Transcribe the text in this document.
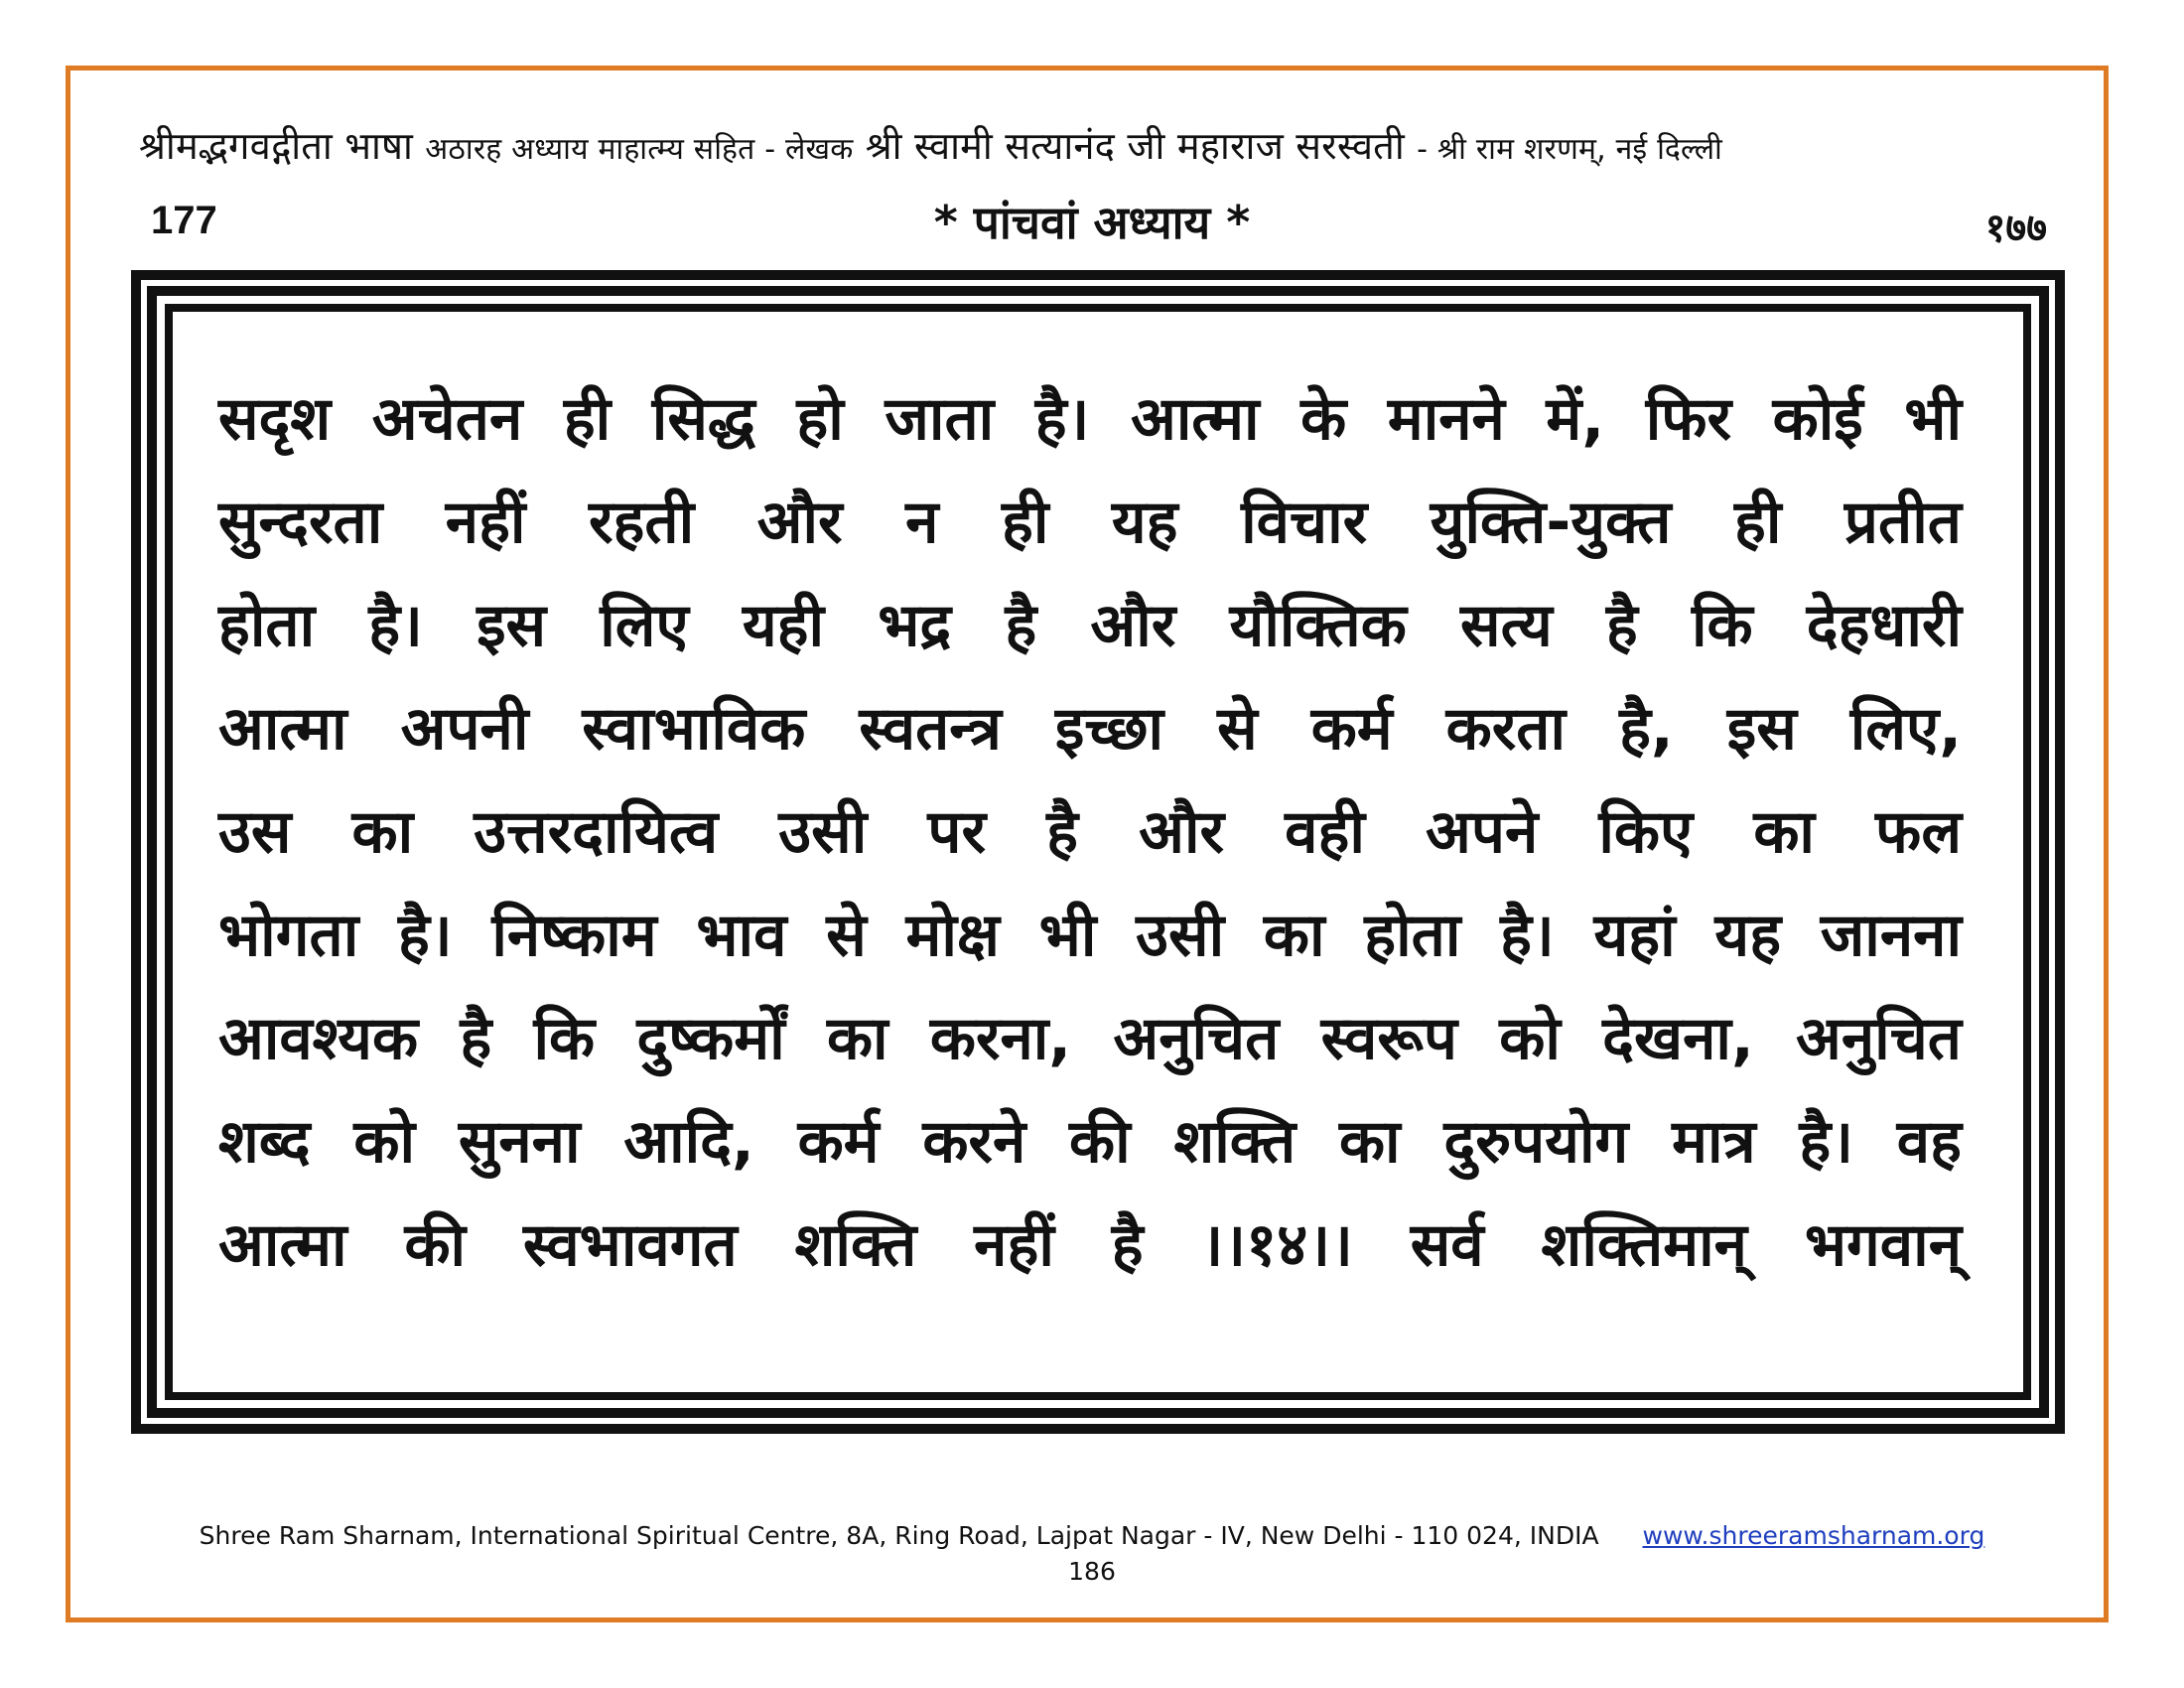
श्रीमद्भगवद्गीता भाषा अठारह अध्याय माहात्म्य सहित - लेखक श्री स्वामी सत्यानंद जी महाराज सरस्वती - श्री राम शरणम्, नई दिल्ली
177	* पांचवां अध्याय *	१७७
सदृश अचेतन ही सिद्ध हो जाता है। आत्मा के मानने में, फिर कोई भी
सुन्दरता नहीं रहती और न ही यह विचार युक्ति-युक्त ही प्रतीत
होता है। इस लिए यही भद्र है और यौक्तिक सत्य है कि देहधारी
आत्मा अपनी स्वाभाविक स्वतन्त्र इच्छा से कर्म करता है, इस लिए,
उस का उत्तरदायित्व उसी पर है और वही अपने किए का फल
भोगता है। निष्काम भाव से मोक्ष भी उसी का होता है। यहां यह जानना
आवश्यक है कि दुष्कर्मों का करना, अनुचित स्वरूप को देखना, अनुचित
शब्द को सुनना आदि, कर्म करने की शक्ति का दुरुपयोग मात्र है। वह
आत्मा की स्वभावगत शक्ति नहीं है ।।१४।। सर्व शक्तिमान् भगवान्
Shree Ram Sharnam, International Spiritual Centre, 8A, Ring Road, Lajpat Nagar - IV, New Delhi - 110 024, INDIA www.shreeramsharnam.org
186
